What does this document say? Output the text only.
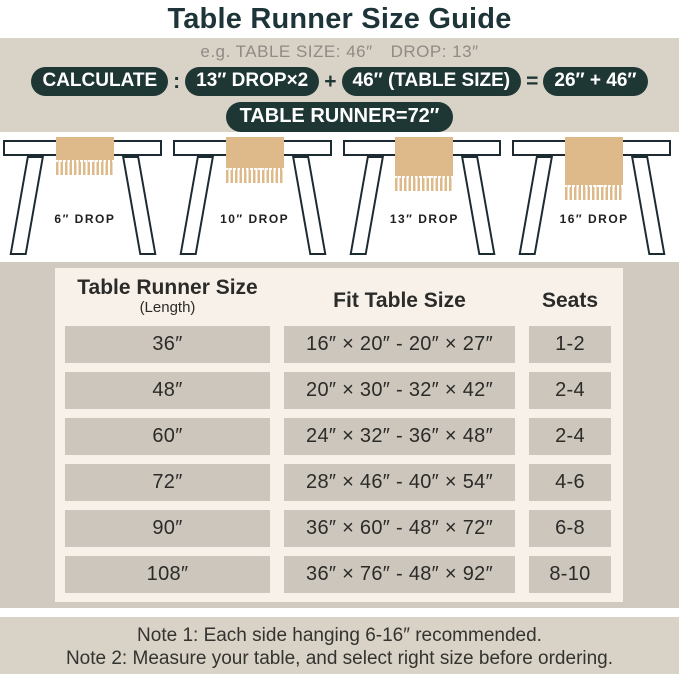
Table Runner Size Guide
e.g. TABLE SIZE: 46″ DROP: 13″
CALCULATE : 13″ DROP×2 + 46″ (TABLE SIZE) = 26″ + 46″
TABLE RUNNER=72″
6″ DROP	10″ DROP	13″ DROP	16″ DROP
Table Runner Size
(Length)	Fit Table Size	Seats
36″	16″ × 20″ - 20″ × 27″	1-2
48″	20″ × 30″ - 32″ × 42″	2-4
60″	24″ × 32″ - 36″ × 48″	2-4
72″	28″ × 46″ - 40″ × 54″	4-6
90″	36″ × 60″ - 48″ × 72″	6-8
108″	36″ × 76″ - 48″ × 92″	8-10
Note 1: Each side hanging 6-16″ recommended.
Note 2: Measure your table, and select right size before ordering.
